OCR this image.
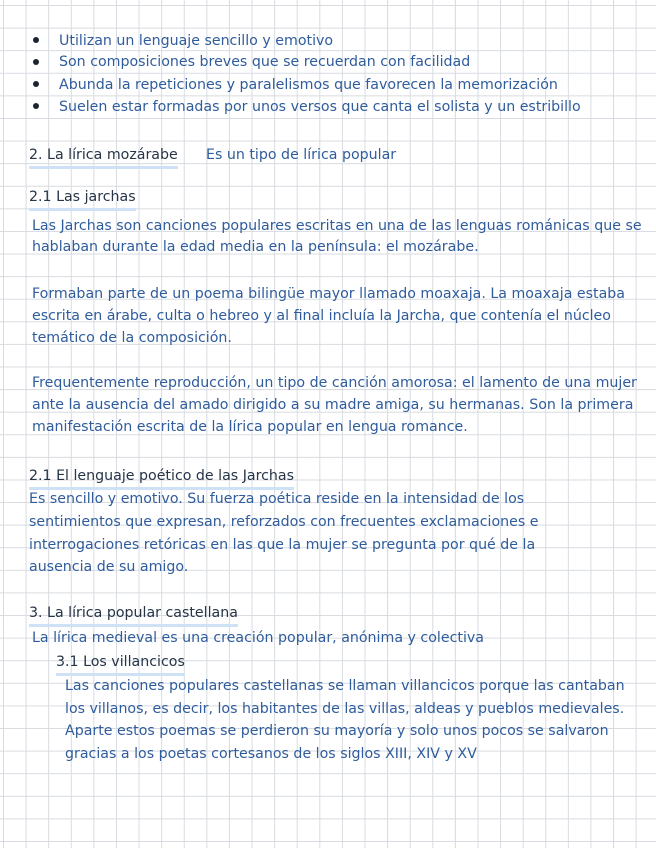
Utilizan un lenguaje sencillo y emotivo

Son composiciones breves que se recuerdan con facilidad

Abunda la repeticiones y paralelismos que favorecen la memorización

Suelen estar formadas por unos versos que canta el solista y un estribillo

2. La lírica mozárabe Es un tipo de lírica popular

2.1 Las jarchas

Las Jarchas son canciones populares escritas en una de las lenguas románicas que se

hablaban durante la edad media en la península: el mozárabe.

Formaban parte de un poema bilingüe mayor llamado moaxaja. La moaxaja estaba

escrita en árabe, culta o hebreo y al final incluía la Jarcha, que contenía el núcleo

temático de la composición.

Frequentemente reproducción, un tipo de canción amorosa: el lamento de una mujer

ante la ausencia del amado dirigido a su madre amiga, su hermanas. Son la primera

manifestación escrita de la lírica popular en lengua romance.

2.1 El lenguaje poético de las Jarchas

Es sencillo y emotivo. Su fuerza poética reside en la intensidad de los

sentimientos que expresan, reforzados con frecuentes exclamaciones e

interrogaciones retóricas en las que la mujer se pregunta por qué de la

ausencia de su amigo.

3. La lírica popular castellana

La lírica medieval es una creación popular, anónima y colectiva

3.1 Los villancicos

Las canciones populares castellanas se llaman villancicos porque las cantaban

los villanos, es decir, los habitantes de las villas, aldeas y pueblos medievales.

Aparte estos poemas se perdieron su mayoría y solo unos pocos se salvaron

gracias a los poetas cortesanos de los siglos XIII, XIV y XV
